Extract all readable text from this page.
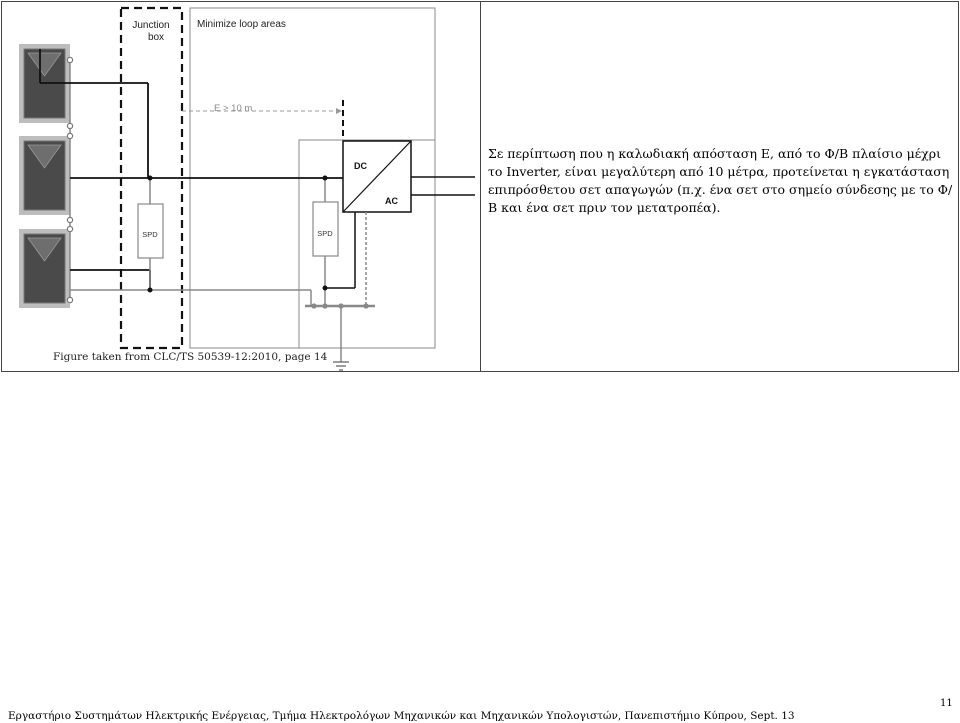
Junction
box
Minimize loop areas
E > 10 m
DC
AC
SPD	SPD
Figure taken from CLC/TS 50539-12:2010, page 14
Σε περίπτωση που η καλωδιακή απόσταση E, από το Φ/Β πλαίσιο μέχρι το Inverter, είναι μεγαλύτερη από 10 μέτρα, προτείνεται η εγκατάσταση επιπρόσθετου σετ απαγωγών (π.χ. ένα σετ στο σημείο σύνδεσης με το Φ/Β και ένα σετ πριν τον μετατροπέα).
11
Εργαστήριο Συστημάτων Ηλεκτρικής Ενέργειας, Τμήμα Ηλεκτρολόγων Μηχανικών και Μηχανικών Υπολογιστών, Πανεπιστήμιο Κύπρου, Sept. 13
